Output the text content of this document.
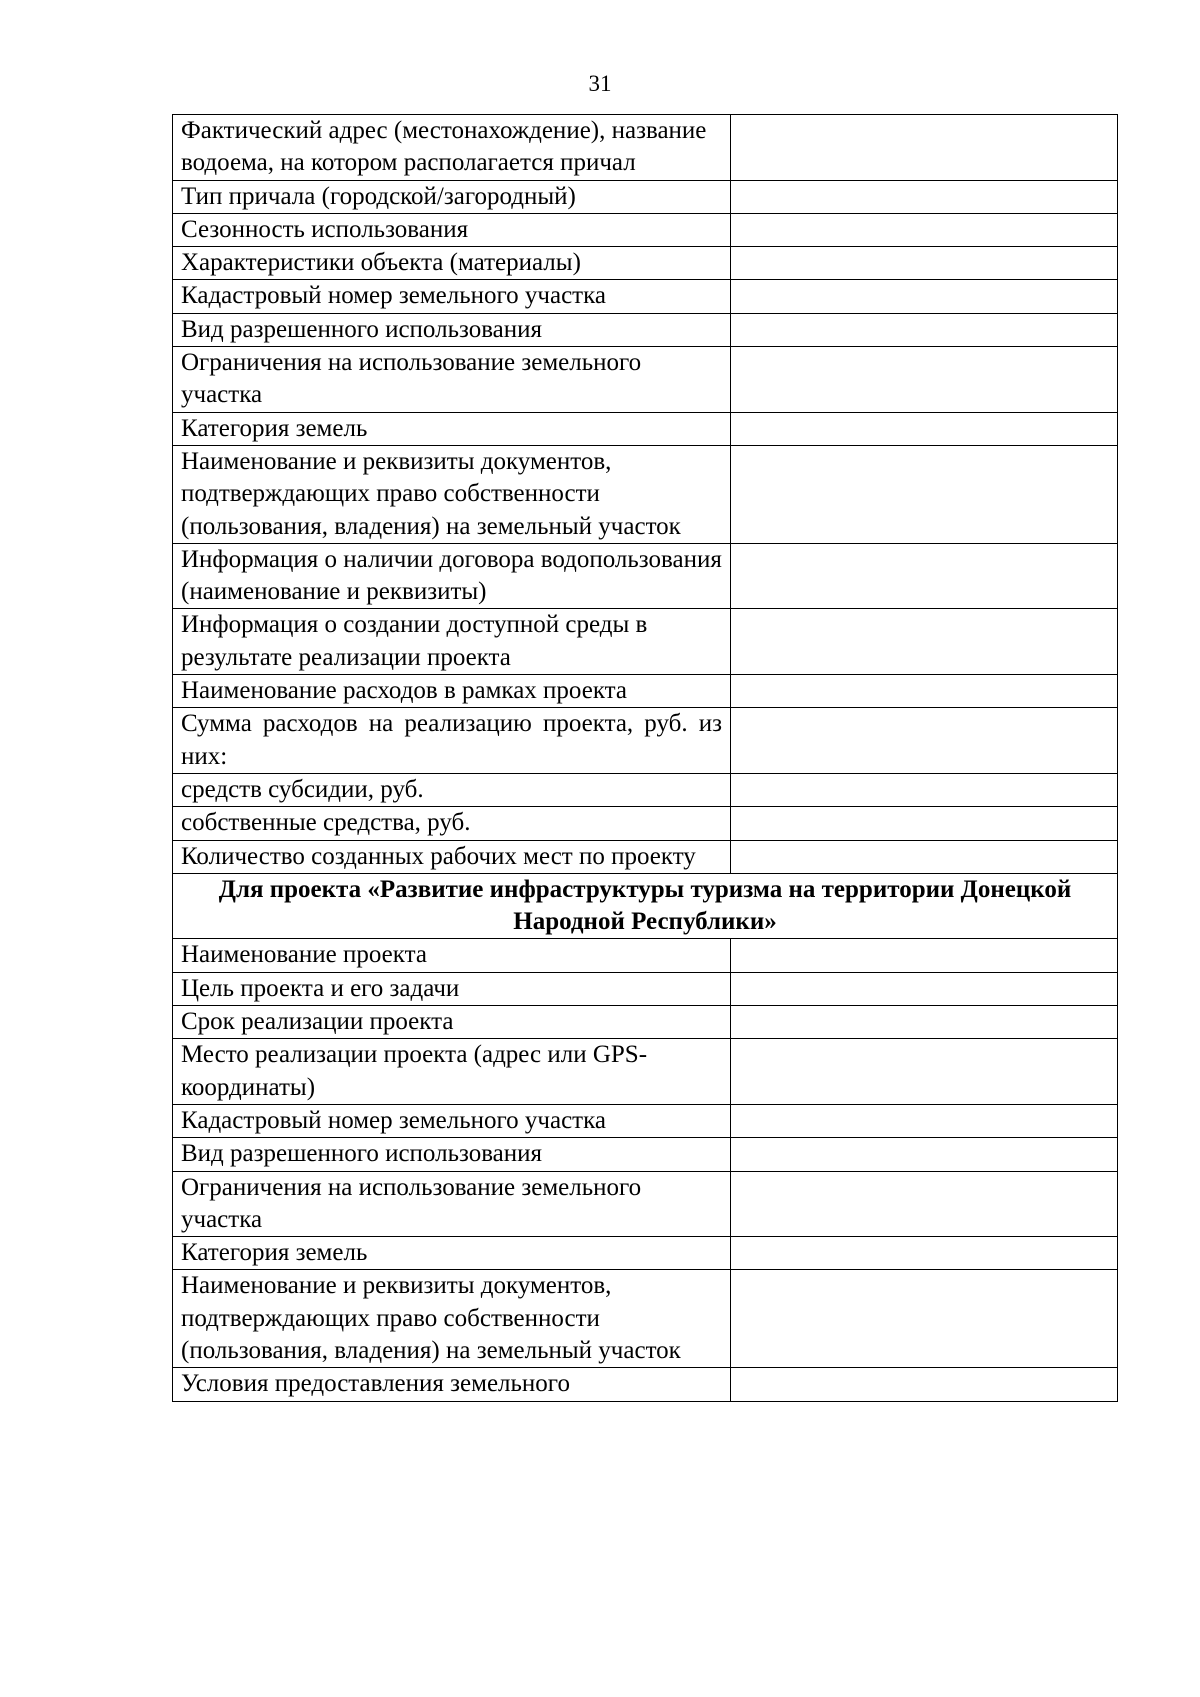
31
Фактический адрес (местонахождение), название водоема, на котором располагается причал	
Тип причала (городской/загородный)	
Сезонность использования	
Характеристики объекта (материалы)	
Кадастровый номер земельного участка	
Вид разрешенного использования	
Ограничения на использование земельного участка	
Категория земель	
Наименование и реквизиты документов, подтверждающих право собственности (пользования, владения) на земельный участок	
Информация о наличии договора водопользования (наименование и реквизиты)	
Информация о создании доступной среды в результате реализации проекта	
Наименование расходов в рамках проекта	
Сумма расходов на реализацию проекта, руб. из них:	
средств субсидии, руб.	
собственные средства, руб.	
Количество созданных рабочих мест по проекту	
Для проекта «Развитие инфраструктуры туризма на территории Донецкой Народной Республики»	
Наименование проекта	
Цель проекта и его задачи	
Срок реализации проекта	
Место реализации проекта (адрес или GPS-координаты)	
Кадастровый номер земельного участка	
Вид разрешенного использования	
Ограничения на использование земельного участка	
Категория земель	
Наименование и реквизиты документов, подтверждающих право собственности (пользования, владения) на земельный участок	
Условия предоставления земельного	
